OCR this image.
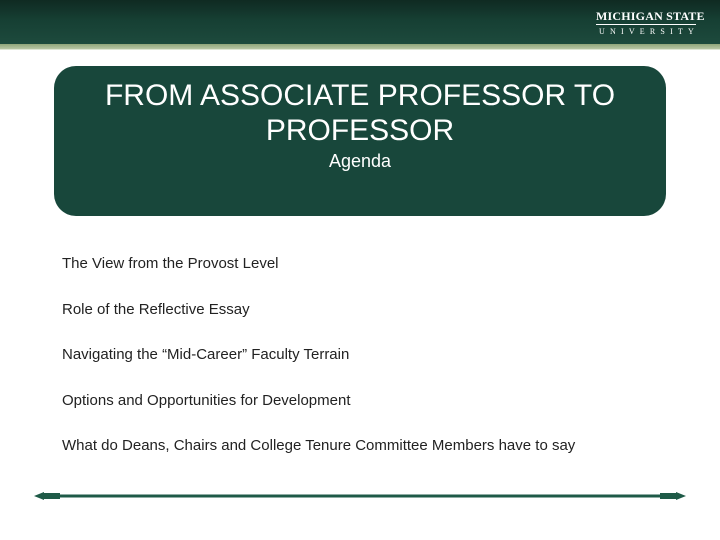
MICHIGAN STATE
UNIVERSITY
FROM ASSOCIATE PROFESSOR TO PROFESSOR
Agenda
The View from the Provost Level
Role of the Reflective Essay
Navigating the “Mid-Career” Faculty Terrain
Options and Opportunities for Development
What do Deans, Chairs and College Tenure Committee Members have to say
